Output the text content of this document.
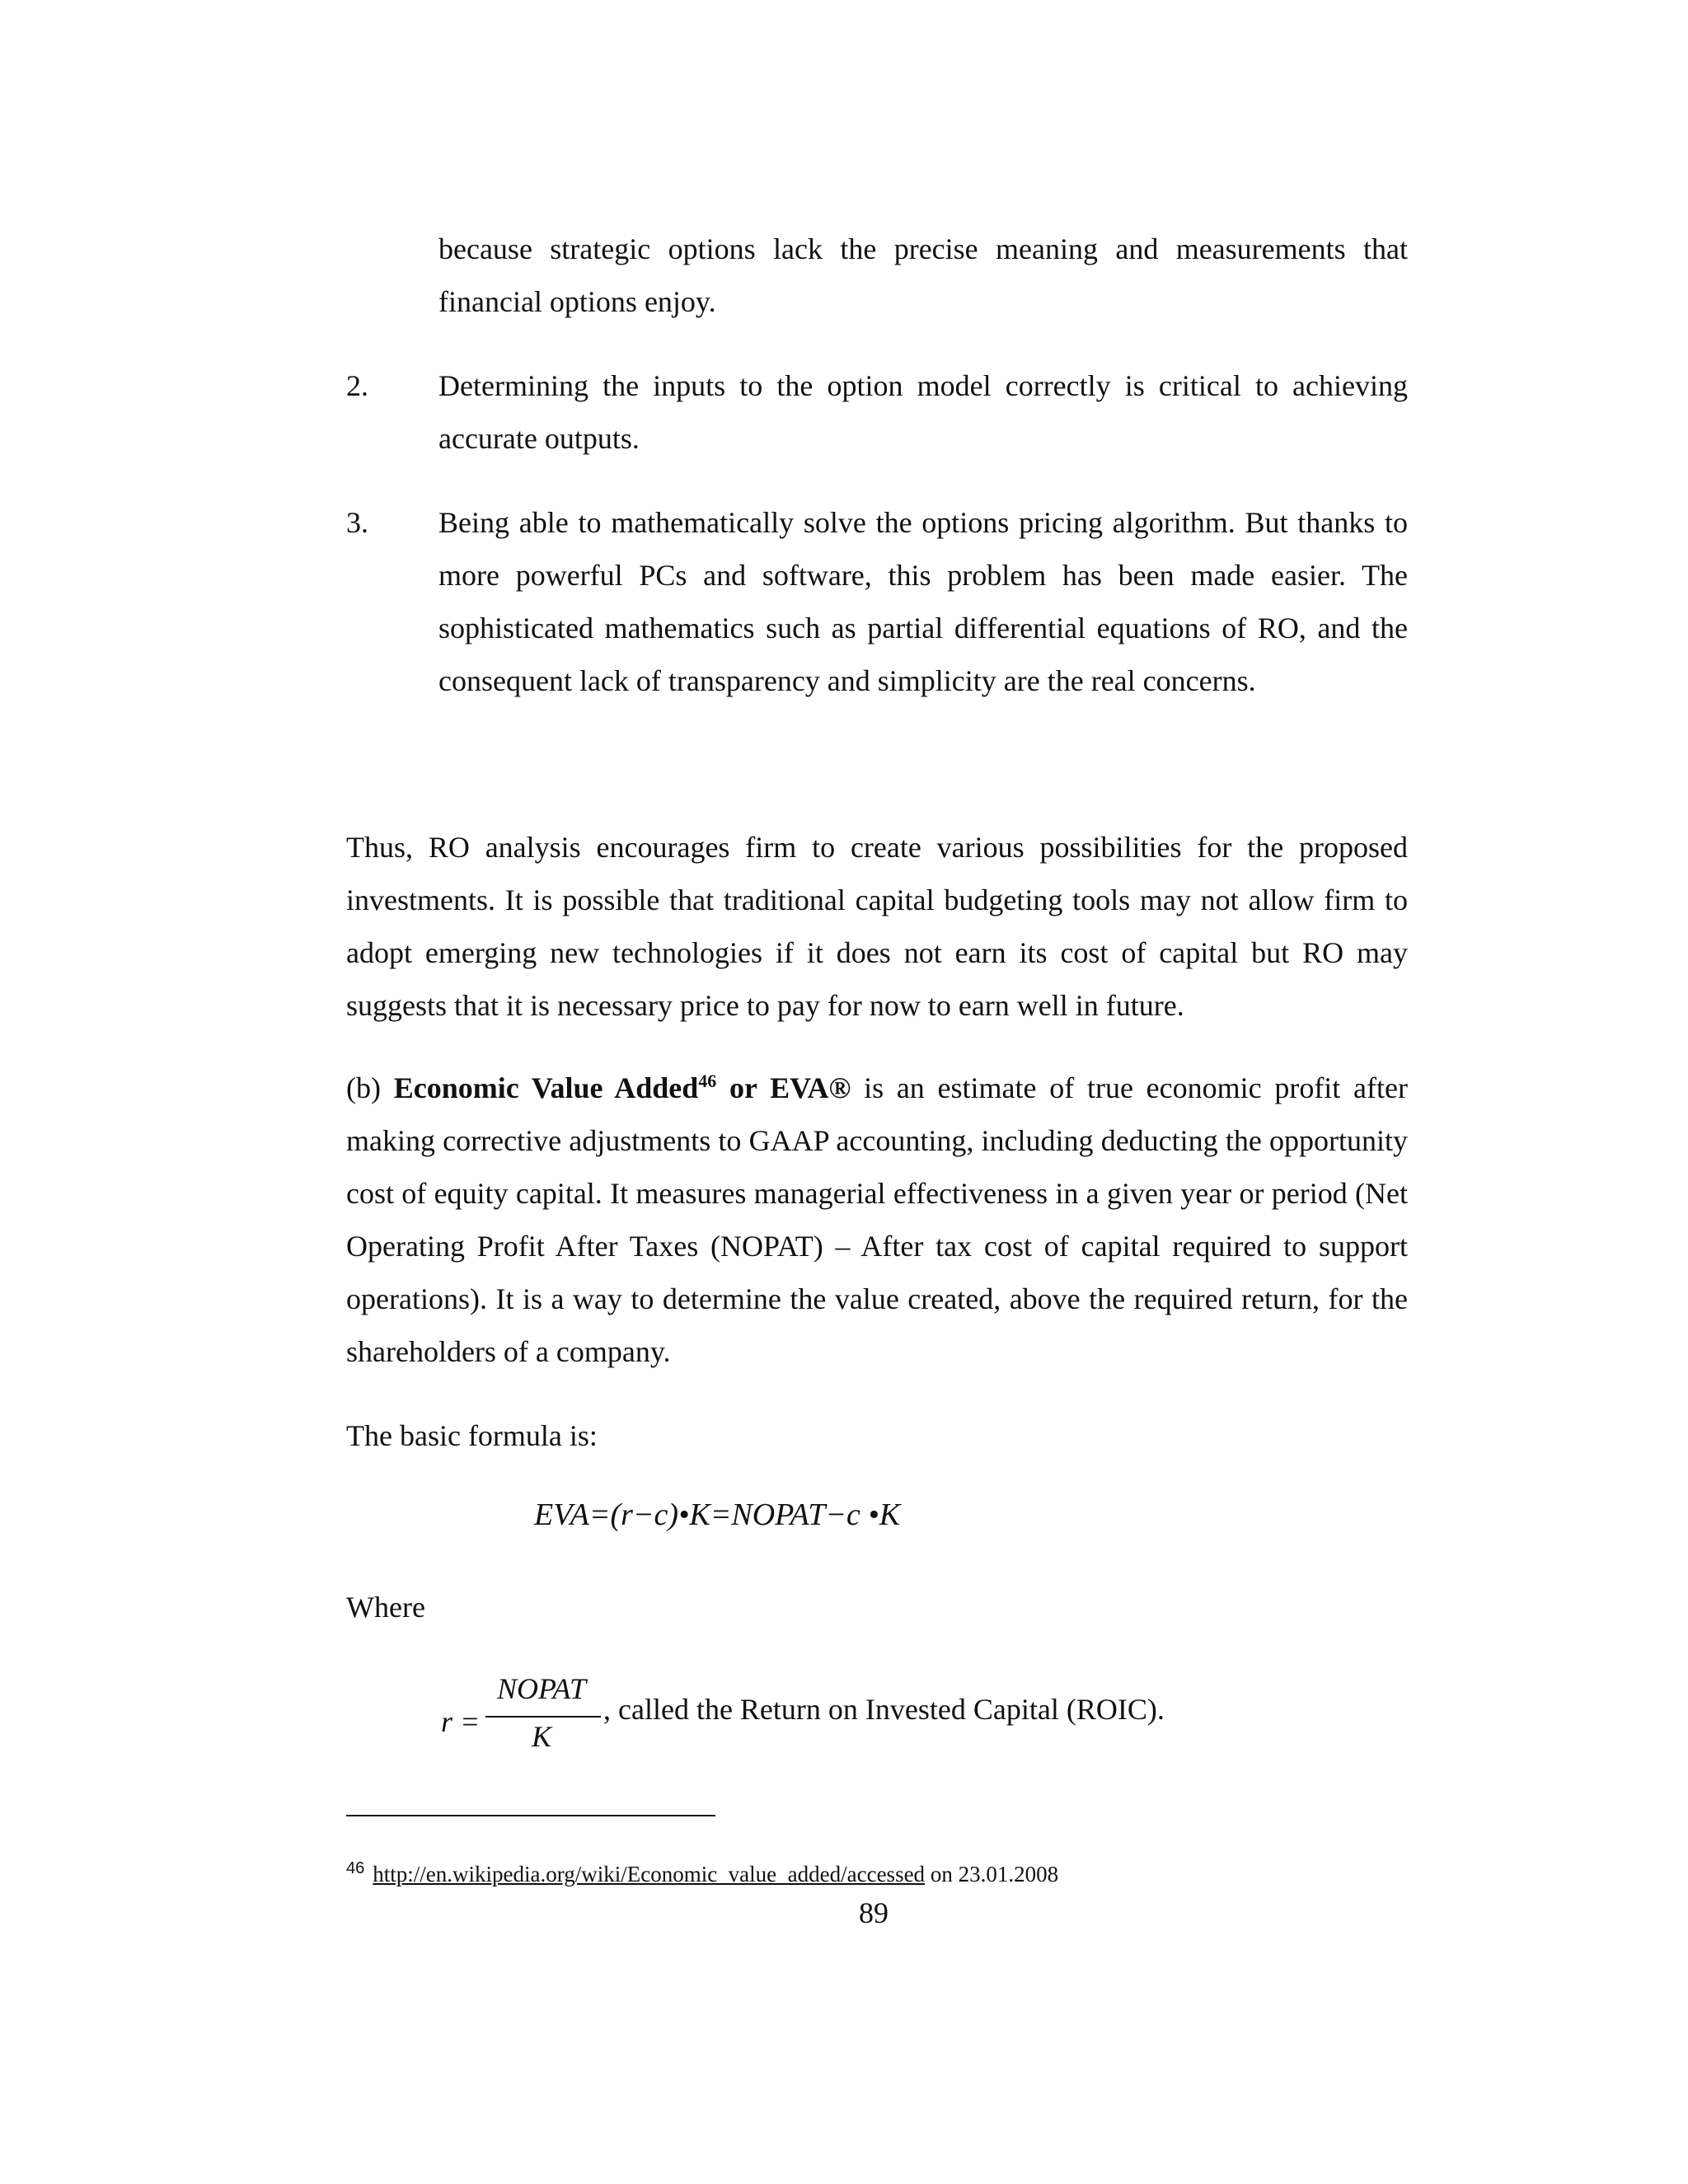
because strategic options lack the precise meaning and measurements that financial options enjoy.
2.	Determining the inputs to the option model correctly is critical to achieving accurate outputs.
3.	Being able to mathematically solve the options pricing algorithm. But thanks to more powerful PCs and software, this problem has been made easier. The sophisticated mathematics such as partial differential equations of RO, and the consequent lack of transparency and simplicity are the real concerns.

Thus, RO analysis encourages firm to create various possibilities for the proposed investments. It is possible that traditional capital budgeting tools may not allow firm to adopt emerging new technologies if it does not earn its cost of capital but RO may suggests that it is necessary price to pay for now to earn well in future.

(b) Economic Value Added$^{46}$ or EVA® is an estimate of true economic profit after making corrective adjustments to GAAP accounting, including deducting the opportunity cost of equity capital. It measures managerial effectiveness in a given year or period (Net Operating Profit After Taxes (NOPAT) – After tax cost of capital required to support operations). It is a way to determine the value created, above the required return, for the shareholders of a company.

The basic formula is:

EVA=(r−c)•K=NOPAT−c •K

Where

r =
NOPAT
K
, called the Return on Invested Capital (ROIC).
$^{46}$ http://en.wikipedia.org/wiki/Economic_value_added/accessed on 23.01.2008
89
